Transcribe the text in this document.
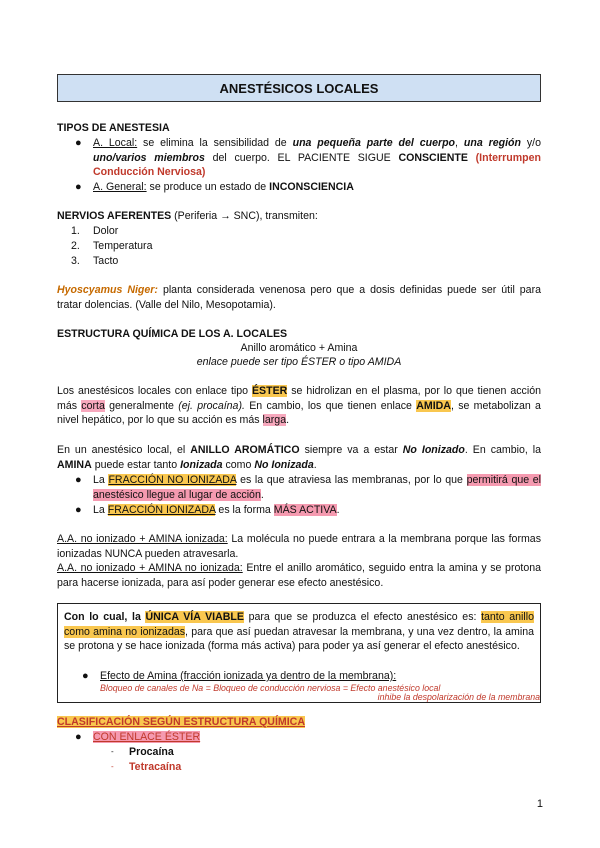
ANESTÉSICOS LOCALES
TIPOS DE ANESTESIA
● A. Local: se elimina la sensibilidad de una pequeña parte del cuerpo, una región y/o uno/varios miembros del cuerpo. EL PACIENTE SIGUE CONSCIENTE (Interrumpen Conducción Nerviosa)
● A. General: se produce un estado de INCONSCIENCIA
NERVIOS AFERENTES (Periferia → SNC), transmiten:
1. Dolor
2. Temperatura
3. Tacto
Hyoscyamus Niger: planta considerada venenosa pero que a dosis definidas puede ser útil para tratar dolencias. (Valle del Nilo, Mesopotamia).
ESTRUCTURA QUÍMICA DE LOS A. LOCALES
Anillo aromático + Amina
enlace puede ser tipo ÉSTER o tipo AMIDA
Los anestésicos locales con enlace tipo ÉSTER se hidrolizan en el plasma, por lo que tienen acción más corta generalmente (ej. procaína). En cambio, los que tienen enlace AMIDA, se metabolizan a nivel hepático, por lo que su acción es más larga.
En un anestésico local, el ANILLO AROMÁTICO siempre va a estar No Ionizado. En cambio, la AMINA puede estar tanto Ionizada como No Ionizada.
● La FRACCIÓN NO IONIZADA es la que atraviesa las membranas, por lo que permitirá que el anestésico llegue al lugar de acción.
● La FRACCIÓN IONIZADA es la forma MÁS ACTIVA.
A.A. no ionizado + AMINA ionizada: La molécula no puede entrara a la membrana porque las formas ionizadas NUNCA pueden atravesarla.
A.A. no ionizado + AMINA no ionizada: Entre el anillo aromático, seguido entra la amina y se protona para hacerse ionizada, para así poder generar ese efecto anestésico.
Con lo cual, la ÚNICA VÍA VIABLE para que se produzca el efecto anestésico es: tanto anillo como amina no ionizadas, para que así puedan atravesar la membrana, y una vez dentro, la amina se protona y se hace ionizada (forma más activa) para poder ya así generar el efecto anestésico.
● Efecto de Amina (fracción ionizada ya dentro de la membrana):
Bloqueo de canales de Na = Bloqueo de conducción nerviosa = Efecto anestésico local
inhibe la despolarización de la membrana
CLASIFICACIÓN SEGÚN ESTRUCTURA QUÍMICA
● CON ENLACE ÉSTER
- Procaína
- Tetracaína
1
